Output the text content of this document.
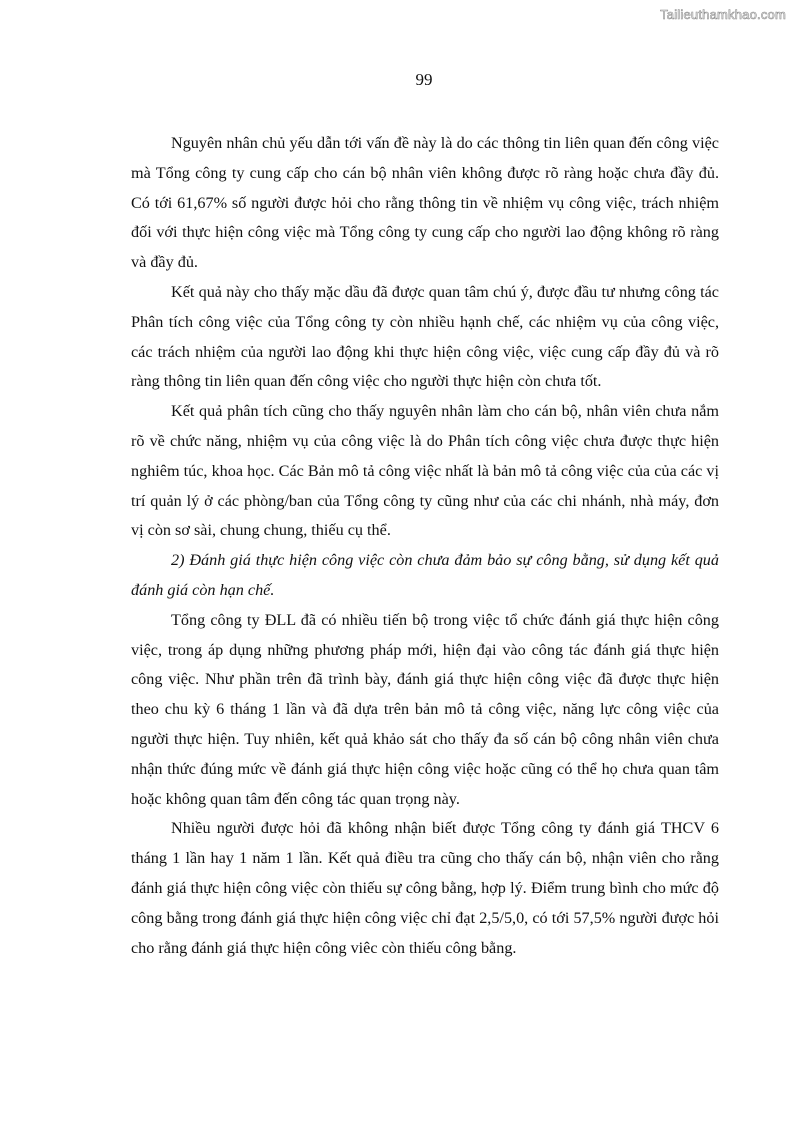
Tailieuthamkhao.com
99

Nguyên nhân chủ yếu dẫn tới vấn đề này là do các thông tin liên quan đến công việc mà Tổng công ty cung cấp cho cán bộ nhân viên không được rõ ràng hoặc chưa đầy đủ. Có tới 61,67% số người được hỏi cho rằng thông tin về nhiệm vụ công việc, trách nhiệm đối với thực hiện công việc mà Tổng công ty cung cấp cho người lao động không rõ ràng và đầy đủ.

Kết quả này cho thấy mặc dầu đã được quan tâm chú ý, được đầu tư nhưng công tác Phân tích công việc của Tổng công ty còn nhiều hạnh chế, các nhiệm vụ của công việc, các trách nhiệm của người lao động khi thực hiện công việc, việc cung cấp đầy đủ và rõ ràng thông tin liên quan đến công việc cho người thực hiện còn chưa tốt.

Kết quả phân tích cũng cho thấy nguyên nhân làm cho cán bộ, nhân viên chưa nắm rõ về chức năng, nhiệm vụ của công việc là do Phân tích công việc chưa được thực hiện nghiêm túc, khoa học. Các Bản mô tả công việc nhất là bản mô tả công việc của của các vị trí quản lý ở các phòng/ban của Tổng công ty cũng như của các chi nhánh, nhà máy, đơn vị còn sơ sài, chung chung, thiếu cụ thể.

2) Đánh giá thực hiện công việc còn chưa đảm bảo sự công bằng, sử dụng kết quả đánh giá còn hạn chế.

Tổng công ty ĐLL đã có nhiều tiến bộ trong việc tổ chức đánh giá thực hiện công việc, trong áp dụng những phương pháp mới, hiện đại vào công tác đánh giá thực hiện công việc. Như phần trên đã trình bày, đánh giá thực hiện công việc đã được thực hiện theo chu kỳ 6 tháng 1 lần và đã dựa trên bản mô tả công việc, năng lực công việc của người thực hiện. Tuy nhiên, kết quả khảo sát cho thấy đa số cán bộ công nhân viên chưa nhận thức đúng mức về đánh giá thực hiện công việc hoặc cũng có thể họ chưa quan tâm hoặc không quan tâm đến công tác quan trọng này.

Nhiều người được hỏi đã không nhận biết được Tổng công ty đánh giá THCV 6 tháng 1 lần hay 1 năm 1 lần. Kết quả điều tra cũng cho thấy cán bộ, nhận viên cho rằng đánh giá thực hiện công việc còn thiếu sự công bằng, hợp lý. Điểm trung bình cho mức độ công bằng trong đánh giá thực hiện công việc chỉ đạt 2,5/5,0, có tới 57,5% người được hỏi cho rằng đánh giá thực hiện công viêc còn thiếu công bằng.
